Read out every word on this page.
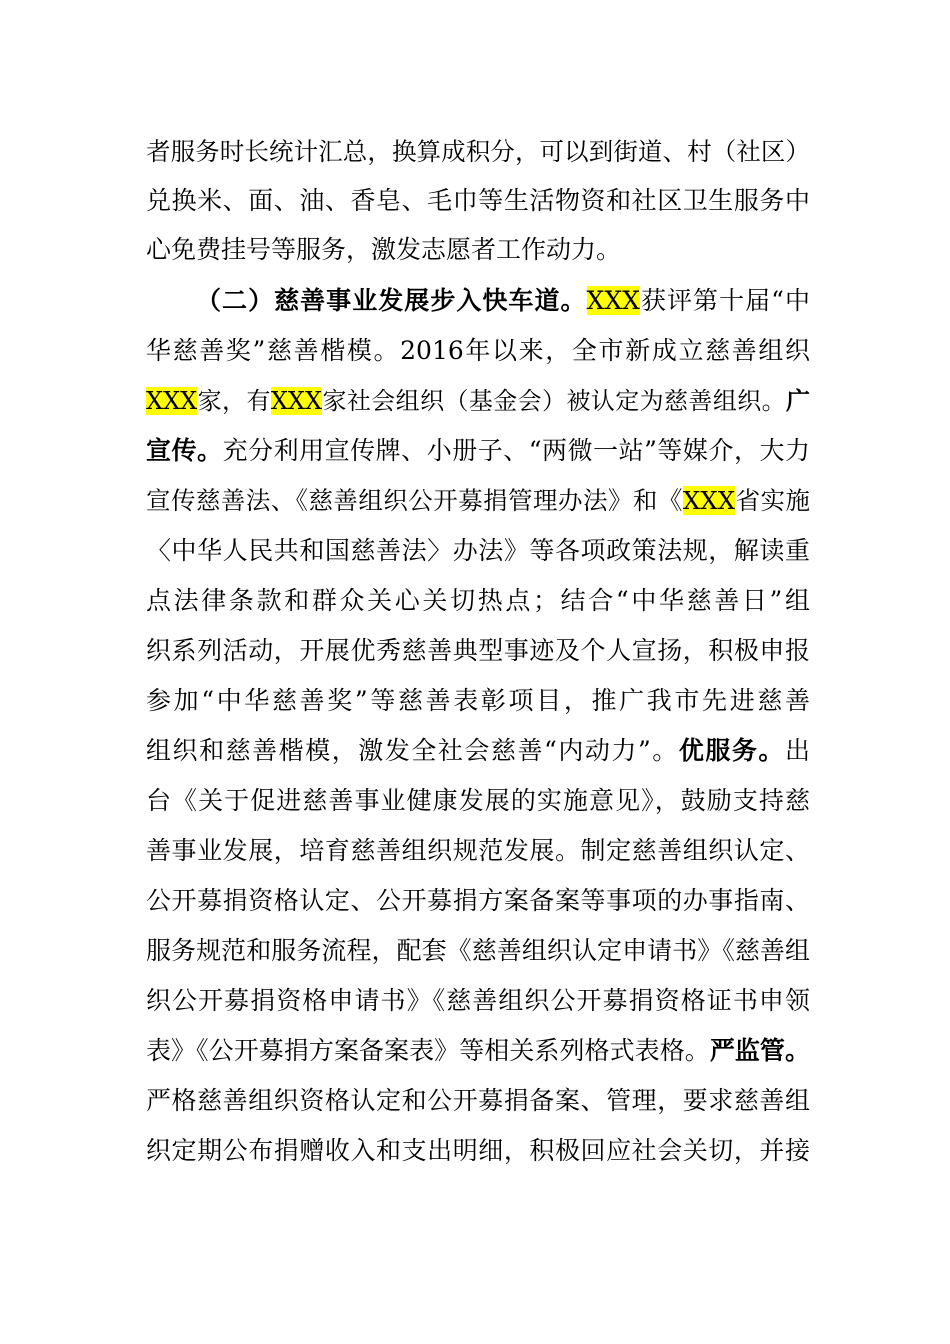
者服务时长统计汇总，换算成积分，可以到街道、村（社区）
兑换米、面、油、香皂、毛巾等生活物资和社区卫生服务中
心免费挂号等服务，激发志愿者工作动力。
（二）慈善事业发展步入快车道。XXX获评第十届“中
华慈善奖”慈善楷模。2016年以来，全市新成立慈善组织
XXX家，有XXX家社会组织（基金会）被认定为慈善组织。广
宣传。充分利用宣传牌、小册子、“两微一站”等媒介，大力
宣传慈善法、《慈善组织公开募捐管理办法》和《XXX省实施
〈中华人民共和国慈善法〉办法》等各项政策法规，解读重
点法律条款和群众关心关切热点；结合“中华慈善日”组
织系列活动，开展优秀慈善典型事迹及个人宣扬，积极申报
参加“中华慈善奖”等慈善表彰项目，推广我市先进慈善
组织和慈善楷模，激发全社会慈善“内动力”。优服务。出
台《关于促进慈善事业健康发展的实施意见》，鼓励支持慈
善事业发展，培育慈善组织规范发展。制定慈善组织认定、
公开募捐资格认定、公开募捐方案备案等事项的办事指南、
服务规范和服务流程，配套《慈善组织认定申请书》《慈善组
织公开募捐资格申请书》《慈善组织公开募捐资格证书申领
表》《公开募捐方案备案表》等相关系列格式表格。严监管。
严格慈善组织资格认定和公开募捐备案、管理，要求慈善组
织定期公布捐赠收入和支出明细，积极回应社会关切，并接
